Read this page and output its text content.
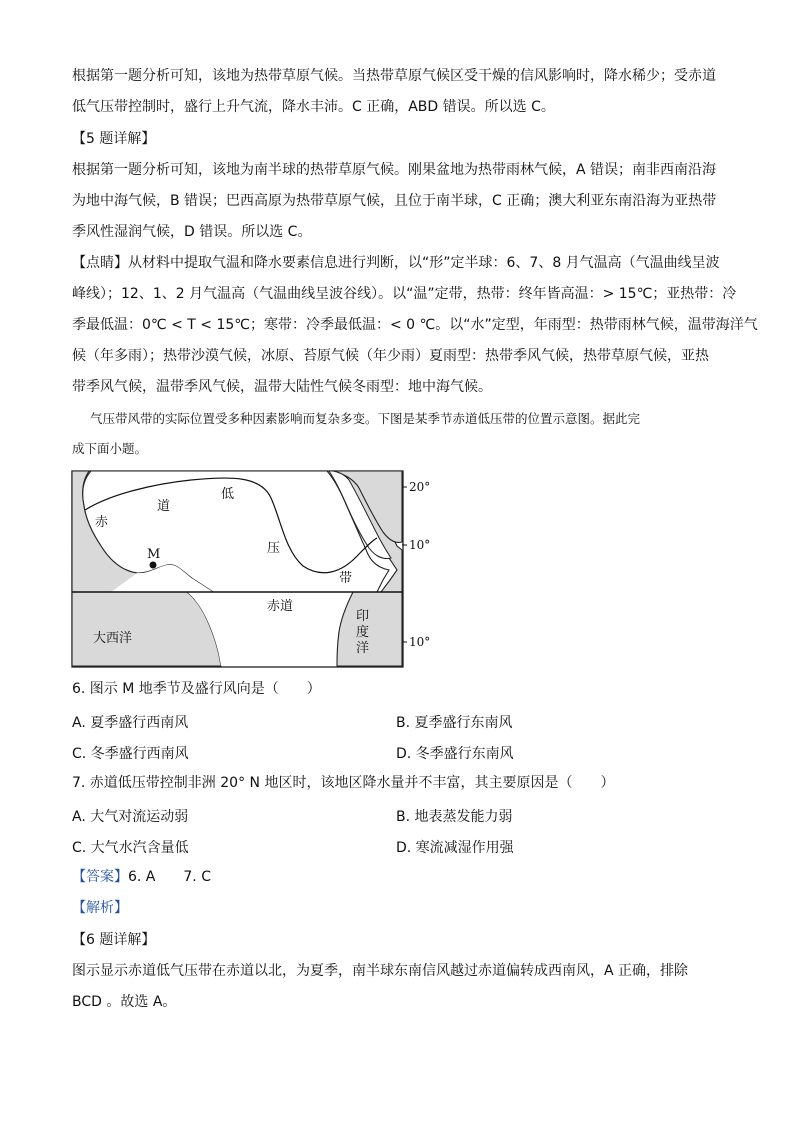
根据第一题分析可知，该地为热带草原气候。当热带草原气候区受干燥的信风影响时，降水稀少；受赤道
低气压带控制时，盛行上升气流，降水丰沛。C 正确，ABD 错误。所以选 C。
【5 题详解】
根据第一题分析可知，该地为南半球的热带草原气候。刚果盆地为热带雨林气候，A 错误；南非西南沿海
为地中海气候，B 错误；巴西高原为热带草原气候，且位于南半球，C 正确；澳大利亚东南沿海为亚热带
季风性湿润气候，D 错误。所以选 C。
【点睛】从材料中提取气温和降水要素信息进行判断，以“形”定半球：6、7、8 月气温高（气温曲线呈波
峰线）；12、1、2 月气温高（气温曲线呈波谷线）。以“温”定带，热带：终年皆高温：> 15℃；亚热带：冷
季最低温：0℃ < T < 15℃；寒带：冷季最低温：< 0 ℃。以“水”定型，年雨型：热带雨林气候，温带海洋气
候（年多雨）；热带沙漠气候，冰原、苔原气候（年少雨）夏雨型：热带季风气候，热带草原气候，亚热
带季风气候，温带季风气候，温带大陆性气候冬雨型：地中海气候。
气压带风带的实际位置受多种因素影响而复杂多变。下图是某季节赤道低压带的位置示意图。据此完
成下面小题。
20°
10°
10°
赤
道
低
压
带
M
赤道
大西洋
印
度
洋
6. 图示 M 地季节及盛行风向是（　　）
A. 夏季盛行西南风	B. 夏季盛行东南风
C. 冬季盛行西南风	D. 冬季盛行东南风
7. 赤道低压带控制非洲 20° N 地区时，该地区降水量并不丰富，其主要原因是（　　）
A. 大气对流运动弱	B. 地表蒸发能力弱
C. 大气水汽含量低	D. 寒流减湿作用强
【答案】6. A　　7. C
【解析】
【6 题详解】
图示显示赤道低气压带在赤道以北，为夏季，南半球东南信风越过赤道偏转成西南风，A 正确，排除
BCD 。故选 A。
